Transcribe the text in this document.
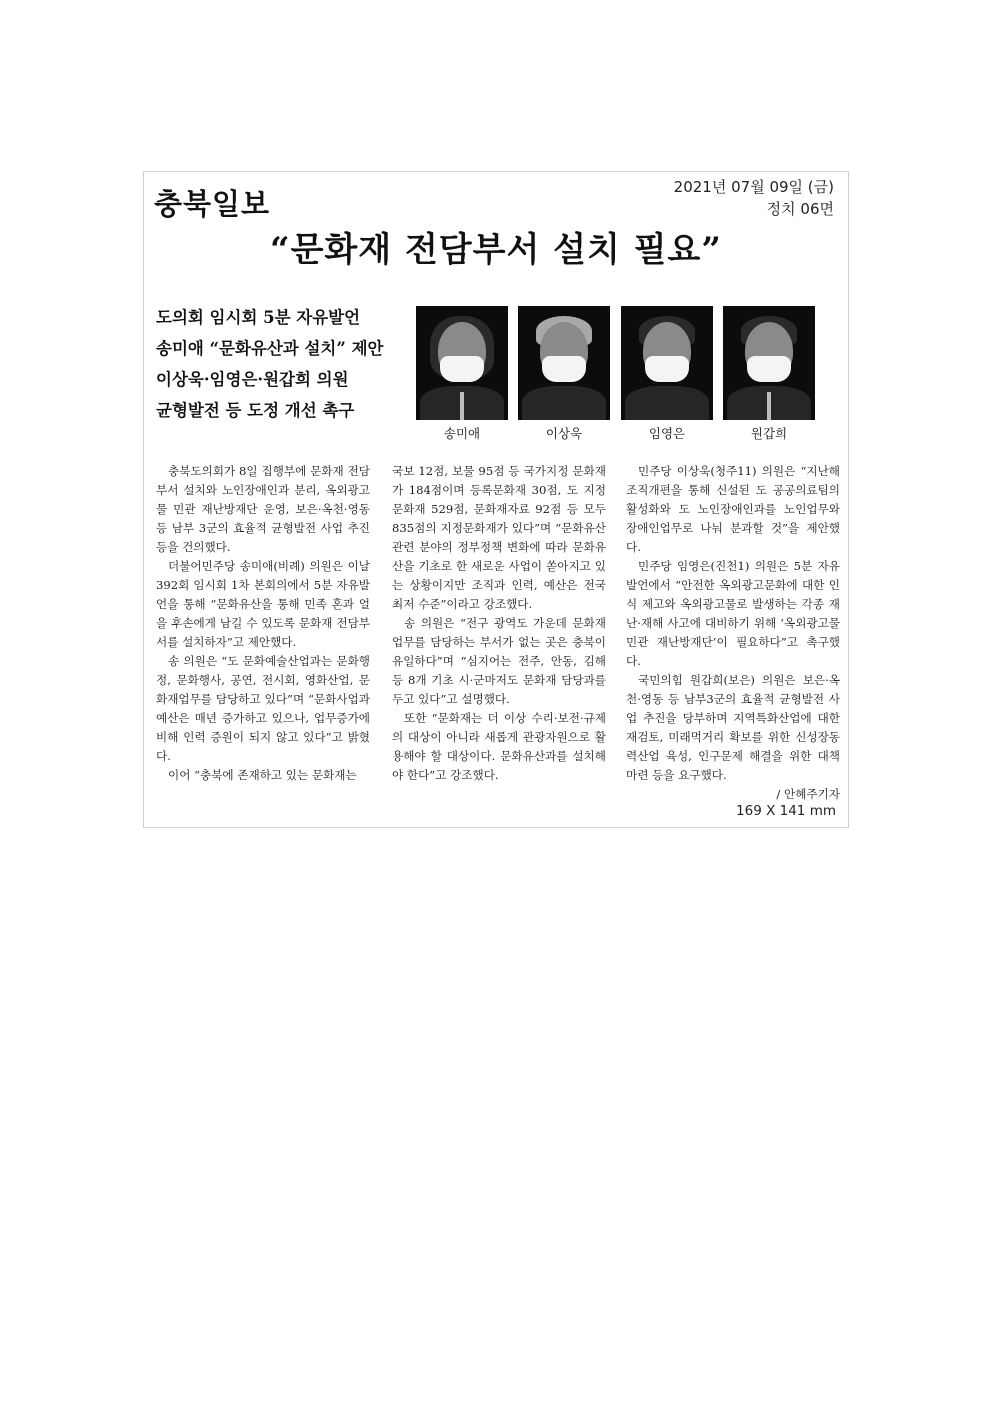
충북일보	2021년 07월 09일 (금)
정치 06면
“문화재 전담부서 설치 필요”
도의회 임시회 5분 자유발언
송미애 “문화유산과 설치” 제안
이상욱·임영은·원갑희 의원
균형발전 등 도정 개선 촉구
송미애	이상욱	임영은	원갑희

충북도의회가 8일 집행부에 문화재 전담부서 설치와 노인장애인과 분리, 옥외광고물 민관 재난방재단 운영, 보은·옥천·영동 등 남부 3군의 효율적 균형발전 사업 추진 등을 건의했다.

더불어민주당 송미애(비례) 의원은 이날 392회 임시회 1차 본회의에서 5분 자유발언을 통해 “문화유산을 통해 민족 혼과 얼을 후손에게 남길 수 있도록 문화재 전담부서를 설치하자”고 제안했다.

송 의원은 “도 문화예술산업과는 문화행정, 문화행사, 공연, 전시회, 영화산업, 문화재업무를 담당하고 있다”며 “문화사업과 예산은 매년 증가하고 있으나, 업무증가에 비해 인력 증원이 되지 않고 있다”고 밝혔다.

이어 “충북에 존재하고 있는 문화재는

국보 12점, 보물 95점 등 국가지정 문화재가 184점이며 등록문화재 30점, 도 지정문화재 529점, 문화재자료 92점 등 모두 835점의 지정문화재가 있다”며 “문화유산 관련 분야의 정부정책 변화에 따라 문화유산을 기초로 한 새로운 사업이 쏟아지고 있는 상황이지만 조직과 인력, 예산은 전국 최저 수준”이라고 강조했다.

송 의원은 “전구 광역도 가운데 문화재 업무를 담당하는 부서가 없는 곳은 충북이 유일하다”며 “심지어는 전주, 안동, 김해 등 8개 기초 시·군마저도 문화재 담당과를 두고 있다”고 설명했다.

또한 “문화재는 더 이상 수리·보전·규제의 대상이 아니라 새롭게 관광자원으로 활용해야 할 대상이다. 문화유산과를 설치해야 한다”고 강조했다.

민주당 이상욱(청주11) 의원은 “지난해 조직개편을 통해 신설된 도 공공의료팀의 활성화와 도 노인장애인과를 노인업무와 장애인업무로 나눠 분과할 것”을 제안했다.

민주당 임영은(진천1) 의원은 5분 자유발언에서 “안전한 옥외광고문화에 대한 인식 제고와 옥외광고물로 발생하는 각종 재난·재해 사고에 대비하기 위해 ‘옥외광고물 민관 재난방재단’이 필요하다”고 촉구했다.

국민의힘 원갑희(보은) 의원은 보은·옥천·영동 등 남부3군의 효율적 균형발전 사업 추진을 당부하며 지역특화산업에 대한 재검토, 미래먹거리 확보를 위한 신성장동력산업 육성, 인구문제 해결을 위한 대책 마련 등을 요구했다.

/ 안혜주기자
169 X 141 mm
